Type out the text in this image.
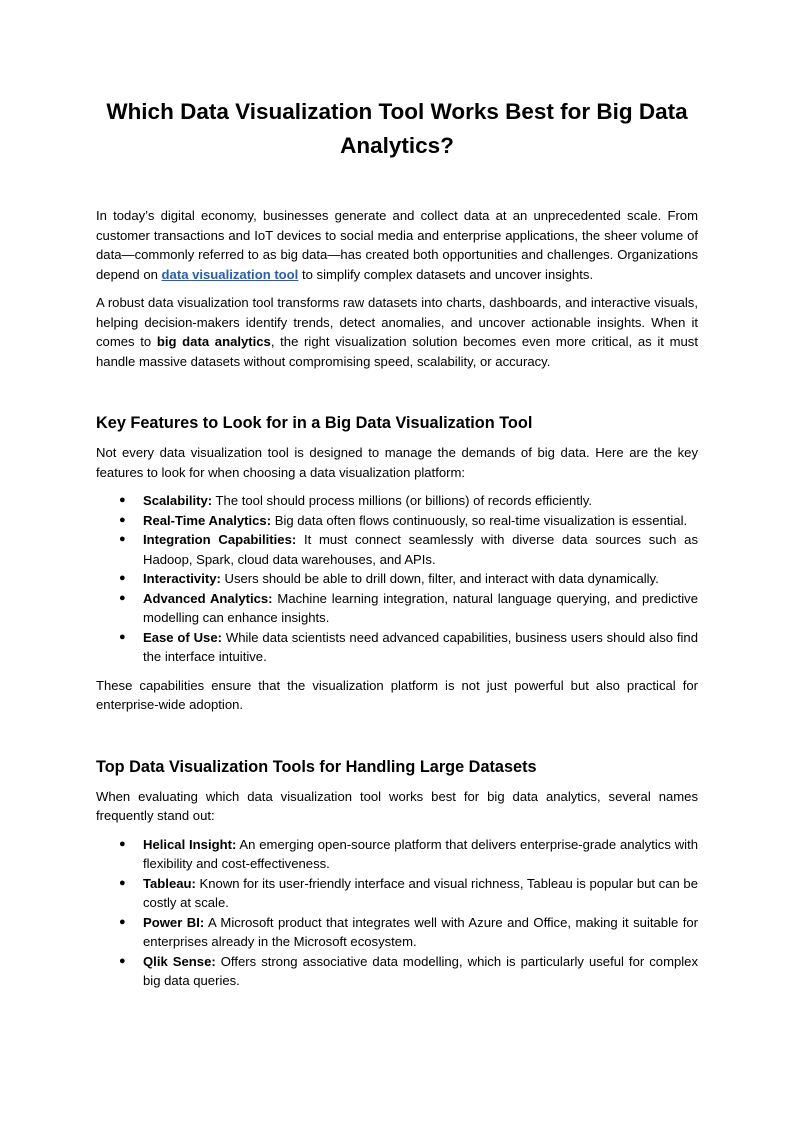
Which Data Visualization Tool Works Best for Big Data Analytics?

In today’s digital economy, businesses generate and collect data at an unprecedented scale. From customer transactions and IoT devices to social media and enterprise applications, the sheer volume of data—commonly referred to as big data—has created both opportunities and challenges. Organizations depend on data visualization tool to simplify complex datasets and uncover insights.

A robust data visualization tool transforms raw datasets into charts, dashboards, and interactive visuals, helping decision-makers identify trends, detect anomalies, and uncover actionable insights. When it comes to big data analytics, the right visualization solution becomes even more critical, as it must handle massive datasets without compromising speed, scalability, or accuracy.

Key Features to Look for in a Big Data Visualization Tool

Not every data visualization tool is designed to manage the demands of big data. Here are the key features to look for when choosing a data visualization platform:

● Scalability: The tool should process millions (or billions) of records efficiently.
● Real-Time Analytics: Big data often flows continuously, so real-time visualization is essential.
● Integration Capabilities: It must connect seamlessly with diverse data sources such as Hadoop, Spark, cloud data warehouses, and APIs.
● Interactivity: Users should be able to drill down, filter, and interact with data dynamically.
● Advanced Analytics: Machine learning integration, natural language querying, and predictive modelling can enhance insights.
● Ease of Use: While data scientists need advanced capabilities, business users should also find the interface intuitive.

These capabilities ensure that the visualization platform is not just powerful but also practical for enterprise-wide adoption.

Top Data Visualization Tools for Handling Large Datasets

When evaluating which data visualization tool works best for big data analytics, several names frequently stand out:

● Helical Insight: An emerging open-source platform that delivers enterprise-grade analytics with flexibility and cost-effectiveness.
● Tableau: Known for its user-friendly interface and visual richness, Tableau is popular but can be costly at scale.
● Power BI: A Microsoft product that integrates well with Azure and Office, making it suitable for enterprises already in the Microsoft ecosystem.
● Qlik Sense: Offers strong associative data modelling, which is particularly useful for complex big data queries.
